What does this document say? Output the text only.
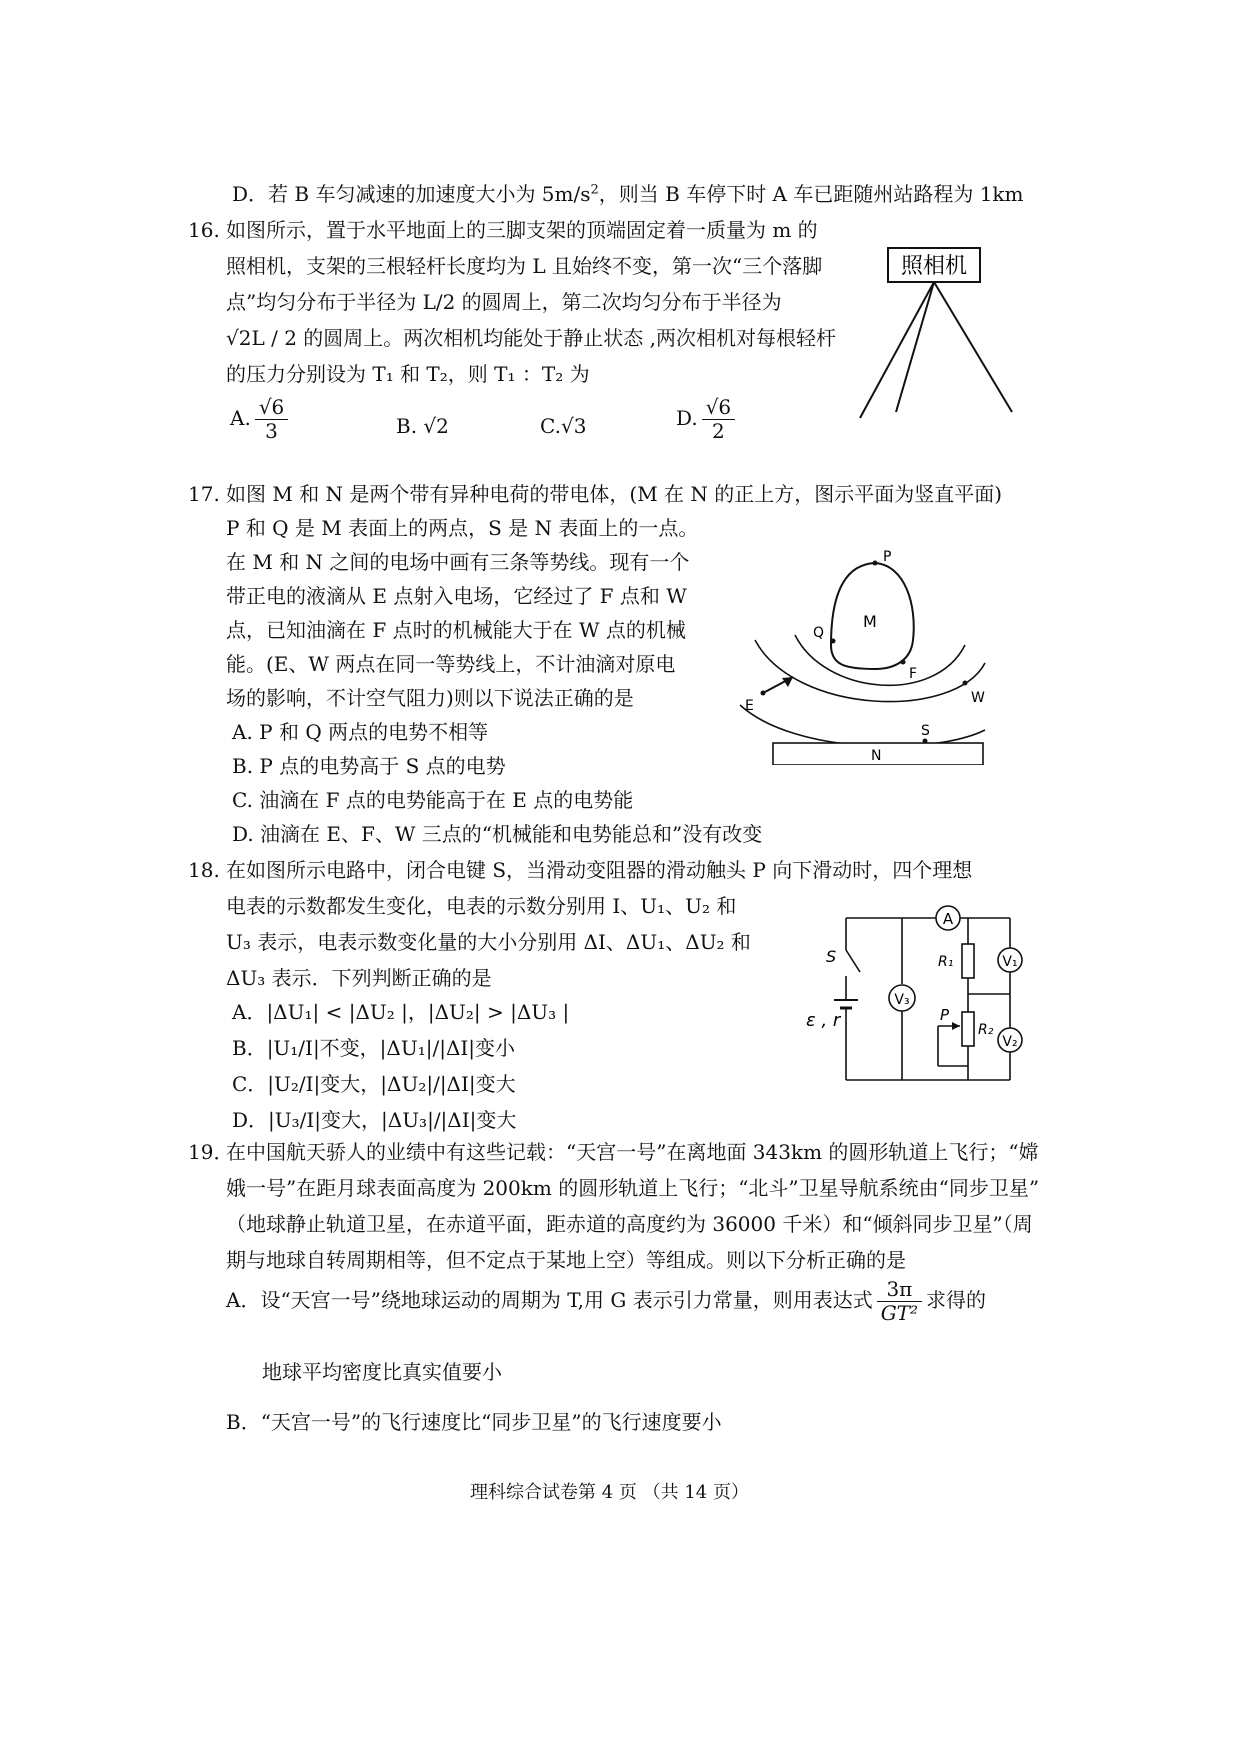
D．若 B 车匀减速的加速度大小为 $5m/s^2$，则当 B 车停下时 A 车已距随州站路程为 1km
16. 如图所示，置于水平地面上的三脚支架的顶端固定着一质量为 m 的
照相机，支架的三根轻杆长度均为 L 且始终不变，第一次“三个落脚
点”均匀分布于半径为 L/2 的圆周上，第二次均匀分布于半径为
√2L / 2 的圆周上。两次相机均能处于静止状态 ,两次相机对每根轻杆
的压力分别设为 T₁ 和 T₂，则 T₁ ：T₂ 为
A. $\frac{√6}{3}$	B. √2	C.√3	D. $\frac{√6}{2}$
照相机
17. 如图 M 和 N 是两个带有异种电荷的带电体，(M 在 N 的正上方，图示平面为竖直平面)
P 和 Q 是 M 表面上的两点，S 是 N 表面上的一点。
在 M 和 N 之间的电场中画有三条等势线。现有一个
带正电的液滴从 E 点射入电场，它经过了 F 点和 W
点，已知油滴在 F 点时的机械能大于在 W 点的机械
能。(E、W 两点在同一等势线上，不计油滴对原电
场的影响，不计空气阻力)则以下说法正确的是
A. P 和 Q 两点的电势不相等
B. P 点的电势高于 S 点的电势
C. 油滴在 F 点的电势能高于在 E 点的电势能
D. 油滴在 E、F、W 三点的“机械能和电势能总和”没有改变
P
M
Q
F
W
E
S
N
18. 在如图所示电路中，闭合电键 S，当滑动变阻器的滑动触头 P 向下滑动时，四个理想
电表的示数都发生变化，电表的示数分别用 I、U₁、U₂ 和
U₃ 表示，电表示数变化量的大小分别用 ΔI、ΔU₁、ΔU₂ 和
ΔU₃ 表示．下列判断正确的是
A．|ΔU₁| < |ΔU₂ |，|ΔU₂| > |ΔU₃ |
B．|U₁/I|不变，|ΔU₁|/|ΔI|变小
C．|U₂/I|变大，|ΔU₂|/|ΔI|变大
D．|U₃/I|变大，|ΔU₃|/|ΔI|变大
S
ε , r
V₃
A
R₁
R₂
P
V₁
V₂
19．
在中国航天骄人的业绩中有这些记载：“天宫一号”在离地面 343km 的圆形轨道上飞行；“嫦
娥一号”在距月球表面高度为 200km 的圆形轨道上飞行；“北斗”卫星导航系统由“同步卫星”
（地球静止轨道卫星，在赤道平面，距赤道的高度约为 36000 千米）和“倾斜同步卫星”（周
期与地球自转周期相等，但不定点于某地上空）等组成。则以下分析正确的是
A．设“天宫一号”绕地球运动的周期为 T,用 G 表示引力常量，则用表达式 $\frac{3\pi}{\text{GT²}}$ 求得的
地球平均密度比真实值要小
B．“天宫一号”的飞行速度比“同步卫星”的飞行速度要小
理科综合试卷第 4 页 （共 14 页）
